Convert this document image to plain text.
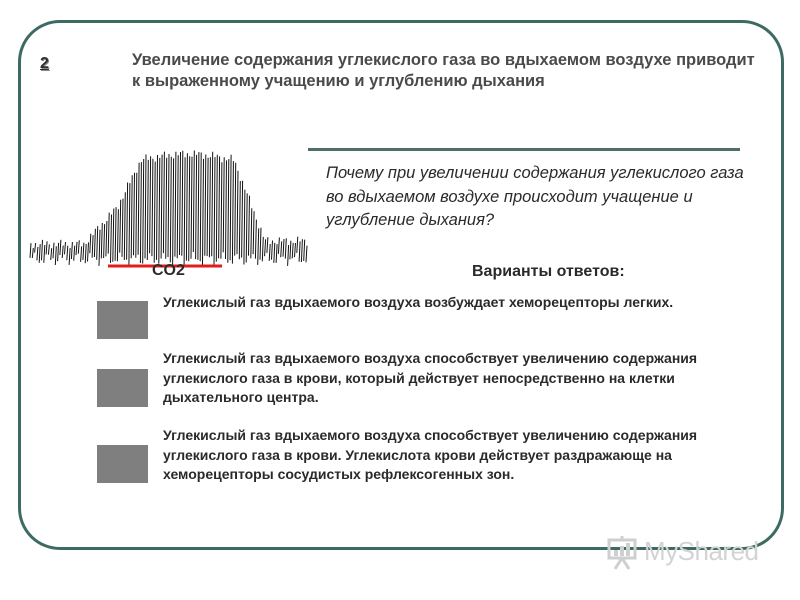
2	Увеличение содержания углекислого газа во вдыхаемом воздухе приводит к выраженному учащению и углублению дыхания
CO2
Почему при увеличении содержания углекислого газа во вдыхаемом воздухе происходит учащение и углубление дыхания?
Варианты ответов:
Углекислый газ вдыхаемого воздуха возбуждает хеморецепторы легких.
Углекислый газ вдыхаемого воздуха способствует увеличению содержания углекислого газа в крови, который действует непосредственно на клетки дыхательного центра.
Углекислый газ вдыхаемого воздуха способствует увеличению содержания углекислого газа в крови. Углекислота крови действует раздражающе на хеморецепторы сосудистых рефлексогенных зон.
MyShared
